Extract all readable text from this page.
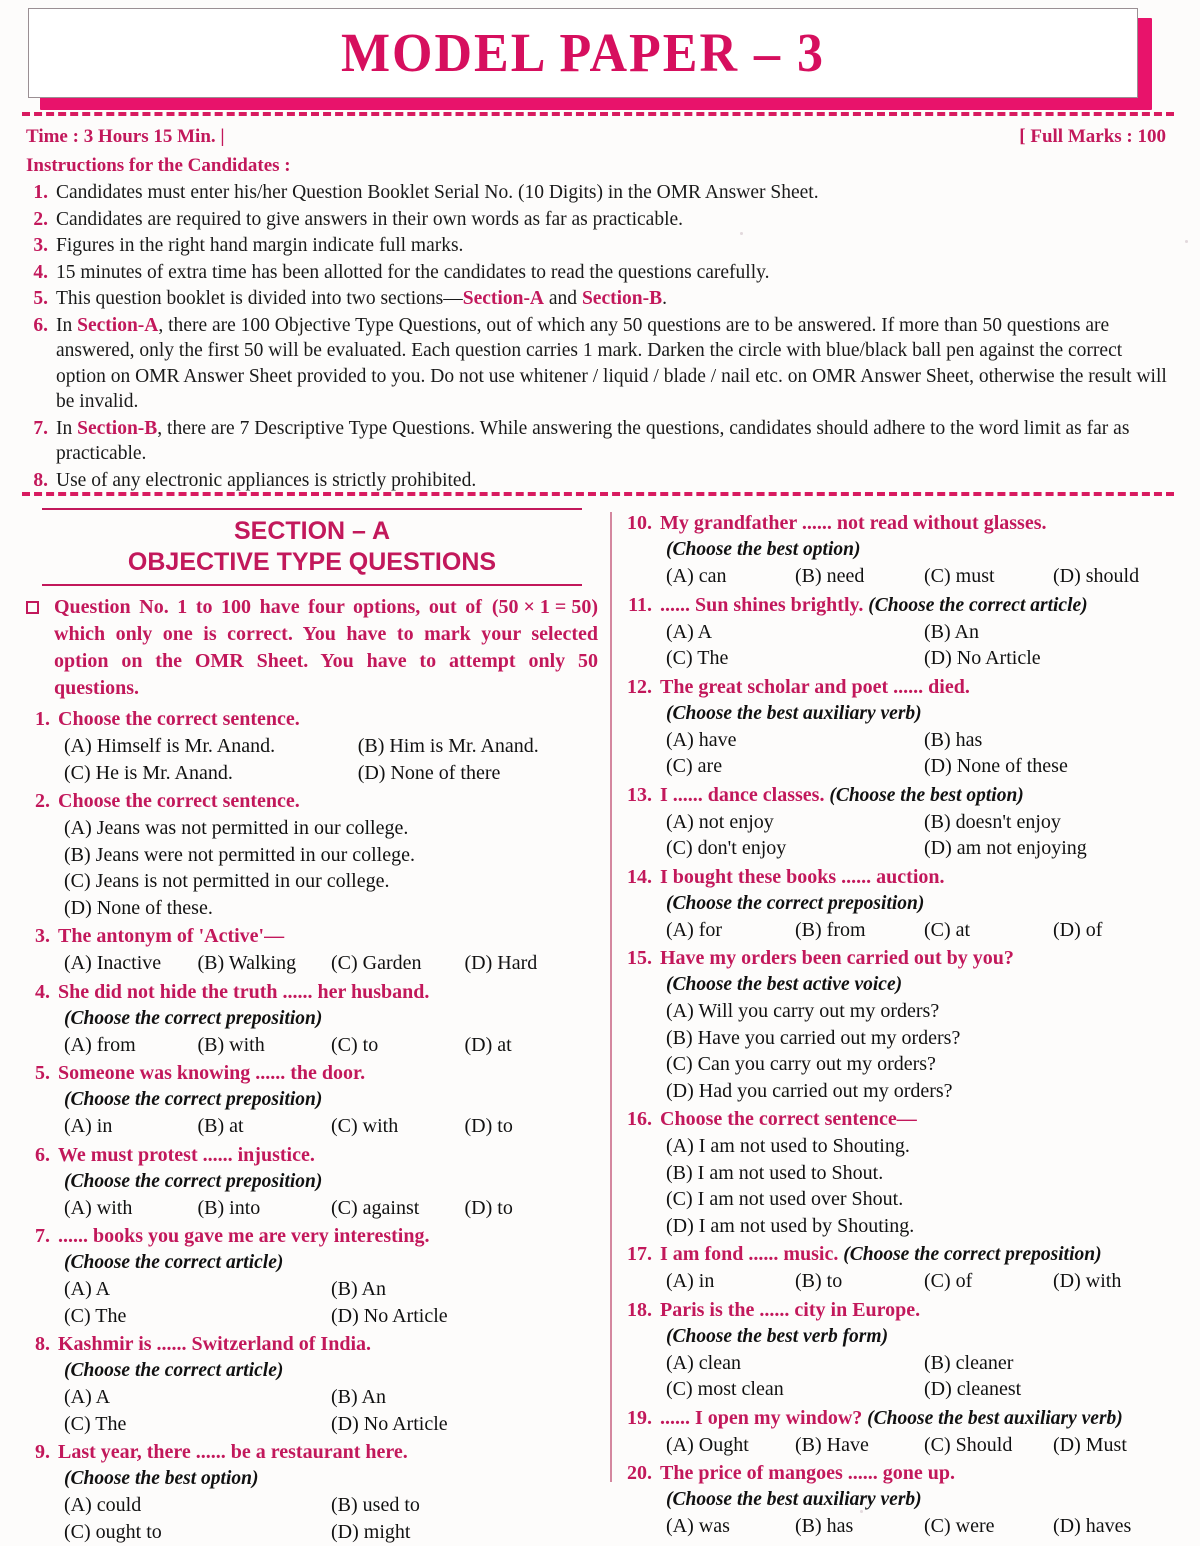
MODEL PAPER – 3
Time : 3 Hours 15 Min. |	[ Full Marks : 100
Instructions for the Candidates :
1. Candidates must enter his/her Question Booklet Serial No. (10 Digits) in the OMR Answer Sheet.
2. Candidates are required to give answers in their own words as far as practicable.
3. Figures in the right hand margin indicate full marks.
4. 15 minutes of extra time has been allotted for the candidates to read the questions carefully.
5. This question booklet is divided into two sections—Section-A and Section-B.
6. In Section-A, there are 100 Objective Type Questions, out of which any 50 questions are to be answered. If more than 50 questions are answered, only the first 50 will be evaluated. Each question carries 1 mark. Darken the circle with blue/black ball pen against the correct option on OMR Answer Sheet provided to you. Do not use whitener / liquid / blade / nail etc. on OMR Answer Sheet, otherwise the result will be invalid.
7. In Section-B, there are 7 Descriptive Type Questions. While answering the questions, candidates should adhere to the word limit as far as practicable.
8. Use of any electronic appliances is strictly prohibited.
SECTION – A
OBJECTIVE TYPE QUESTIONS
(50 × 1 = 50)
Question No. 1 to 100 have four options, out of which only one is correct. You have to mark your selected option on the OMR Sheet. You have to attempt only 50 questions.
1. Choose the correct sentence.
(A) Himself is Mr. Anand.	(B) Him is Mr. Anand.
(C) He is Mr. Anand.	(D) None of there
2. Choose the correct sentence.
(A) Jeans was not permitted in our college.
(B) Jeans were not permitted in our college.
(C) Jeans is not permitted in our college.
(D) None of these.
3. The antonym of 'Active'—
(A) Inactive	(B) Walking	(C) Garden	(D) Hard
4. She did not hide the truth ...... her husband.
(Choose the correct preposition)
(A) from	(B) with	(C) to	(D) at
5. Someone was knowing ...... the door.
(Choose the correct preposition)
(A) in	(B) at	(C) with	(D) to
6. We must protest ...... injustice.
(Choose the correct preposition)
(A) with	(B) into	(C) against	(D) to
7. ...... books you gave me are very interesting.
(Choose the correct article)
(A) A	(B) An
(C) The	(D) No Article
8. Kashmir is ...... Switzerland of India.
(Choose the correct article)
(A) A	(B) An
(C) The	(D) No Article
9. Last year, there ...... be a restaurant here.
(Choose the best option)
(A) could	(B) used to
(C) ought to	(D) might
10. My grandfather ...... not read without glasses.
(Choose the best option)
(A) can	(B) need	(C) must	(D) should
11. ...... Sun shines brightly. (Choose the correct article)
(A) A	(B) An
(C) The	(D) No Article
12. The great scholar and poet ...... died.
(Choose the best auxiliary verb)
(A) have	(B) has
(C) are	(D) None of these
13. I ...... dance classes. (Choose the best option)
(A) not enjoy	(B) doesn't enjoy
(C) don't enjoy	(D) am not enjoying
14. I bought these books ...... auction.
(Choose the correct preposition)
(A) for	(B) from	(C) at	(D) of
15. Have my orders been carried out by you?
(Choose the best active voice)
(A) Will you carry out my orders?
(B) Have you carried out my orders?
(C) Can you carry out my orders?
(D) Had you carried out my orders?
16. Choose the correct sentence—
(A) I am not used to Shouting.
(B) I am not used to Shout.
(C) I am not used over Shout.
(D) I am not used by Shouting.
17. I am fond ...... music. (Choose the correct preposition)
(A) in	(B) to	(C) of	(D) with
18. Paris is the ...... city in Europe.
(Choose the best verb form)
(A) clean	(B) cleaner
(C) most clean	(D) cleanest
19. ...... I open my window? (Choose the best auxiliary verb)
(A) Ought	(B) Have	(C) Should	(D) Must
20. The price of mangoes ...... gone up.
(Choose the best auxiliary verb)
(A) was	(B) has	(C) were	(D) haves
